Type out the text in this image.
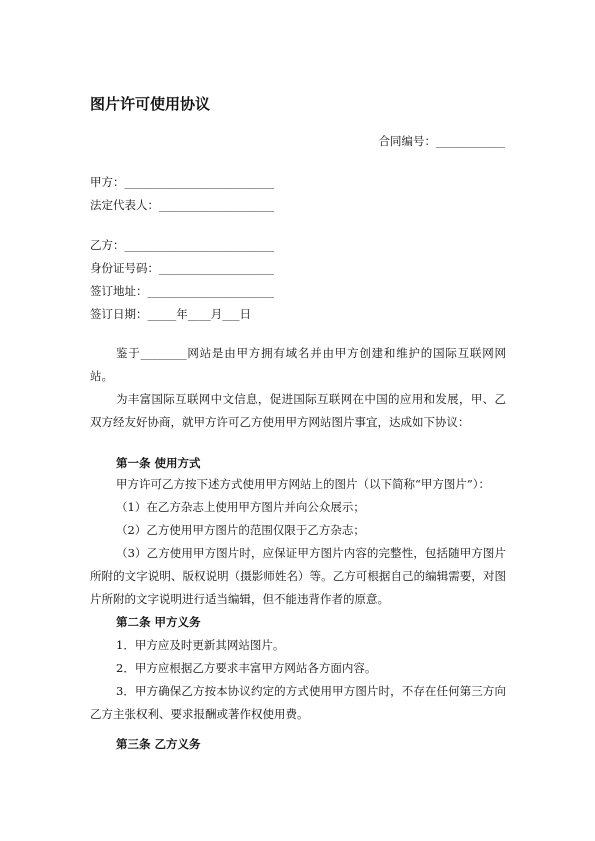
图片许可使用协议
合同编号：____________
甲方：__________________________
法定代表人：____________________
乙方：__________________________
身份证号码：____________________
签订地址：______________________
签订日期：_____年____月___日
鉴于________网站是由甲方拥有域名并由甲方创建和维护的国际互联网网站。
为丰富国际互联网中文信息，促进国际互联网在中国的应用和发展，甲、乙双方经友好协商，就甲方许可乙方使用甲方网站图片事宜，达成如下协议：
第一条 使用方式
甲方许可乙方按下述方式使用甲方网站上的图片（以下简称“甲方图片”）：
（1）在乙方杂志上使用甲方图片并向公众展示；
（2）乙方使用甲方图片的范围仅限于乙方杂志；
（3）乙方使用甲方图片时，应保证甲方图片内容的完整性，包括随甲方图片所附的文字说明、版权说明（摄影师姓名）等。乙方可根据自己的编辑需要，对图片所附的文字说明进行适当编辑，但不能违背作者的原意。
第二条 甲方义务
1．甲方应及时更新其网站图片。
2．甲方应根据乙方要求丰富甲方网站各方面内容。
3．甲方确保乙方按本协议约定的方式使用甲方图片时，不存在任何第三方向乙方主张权利、要求报酬或著作权使用费。
第三条 乙方义务
